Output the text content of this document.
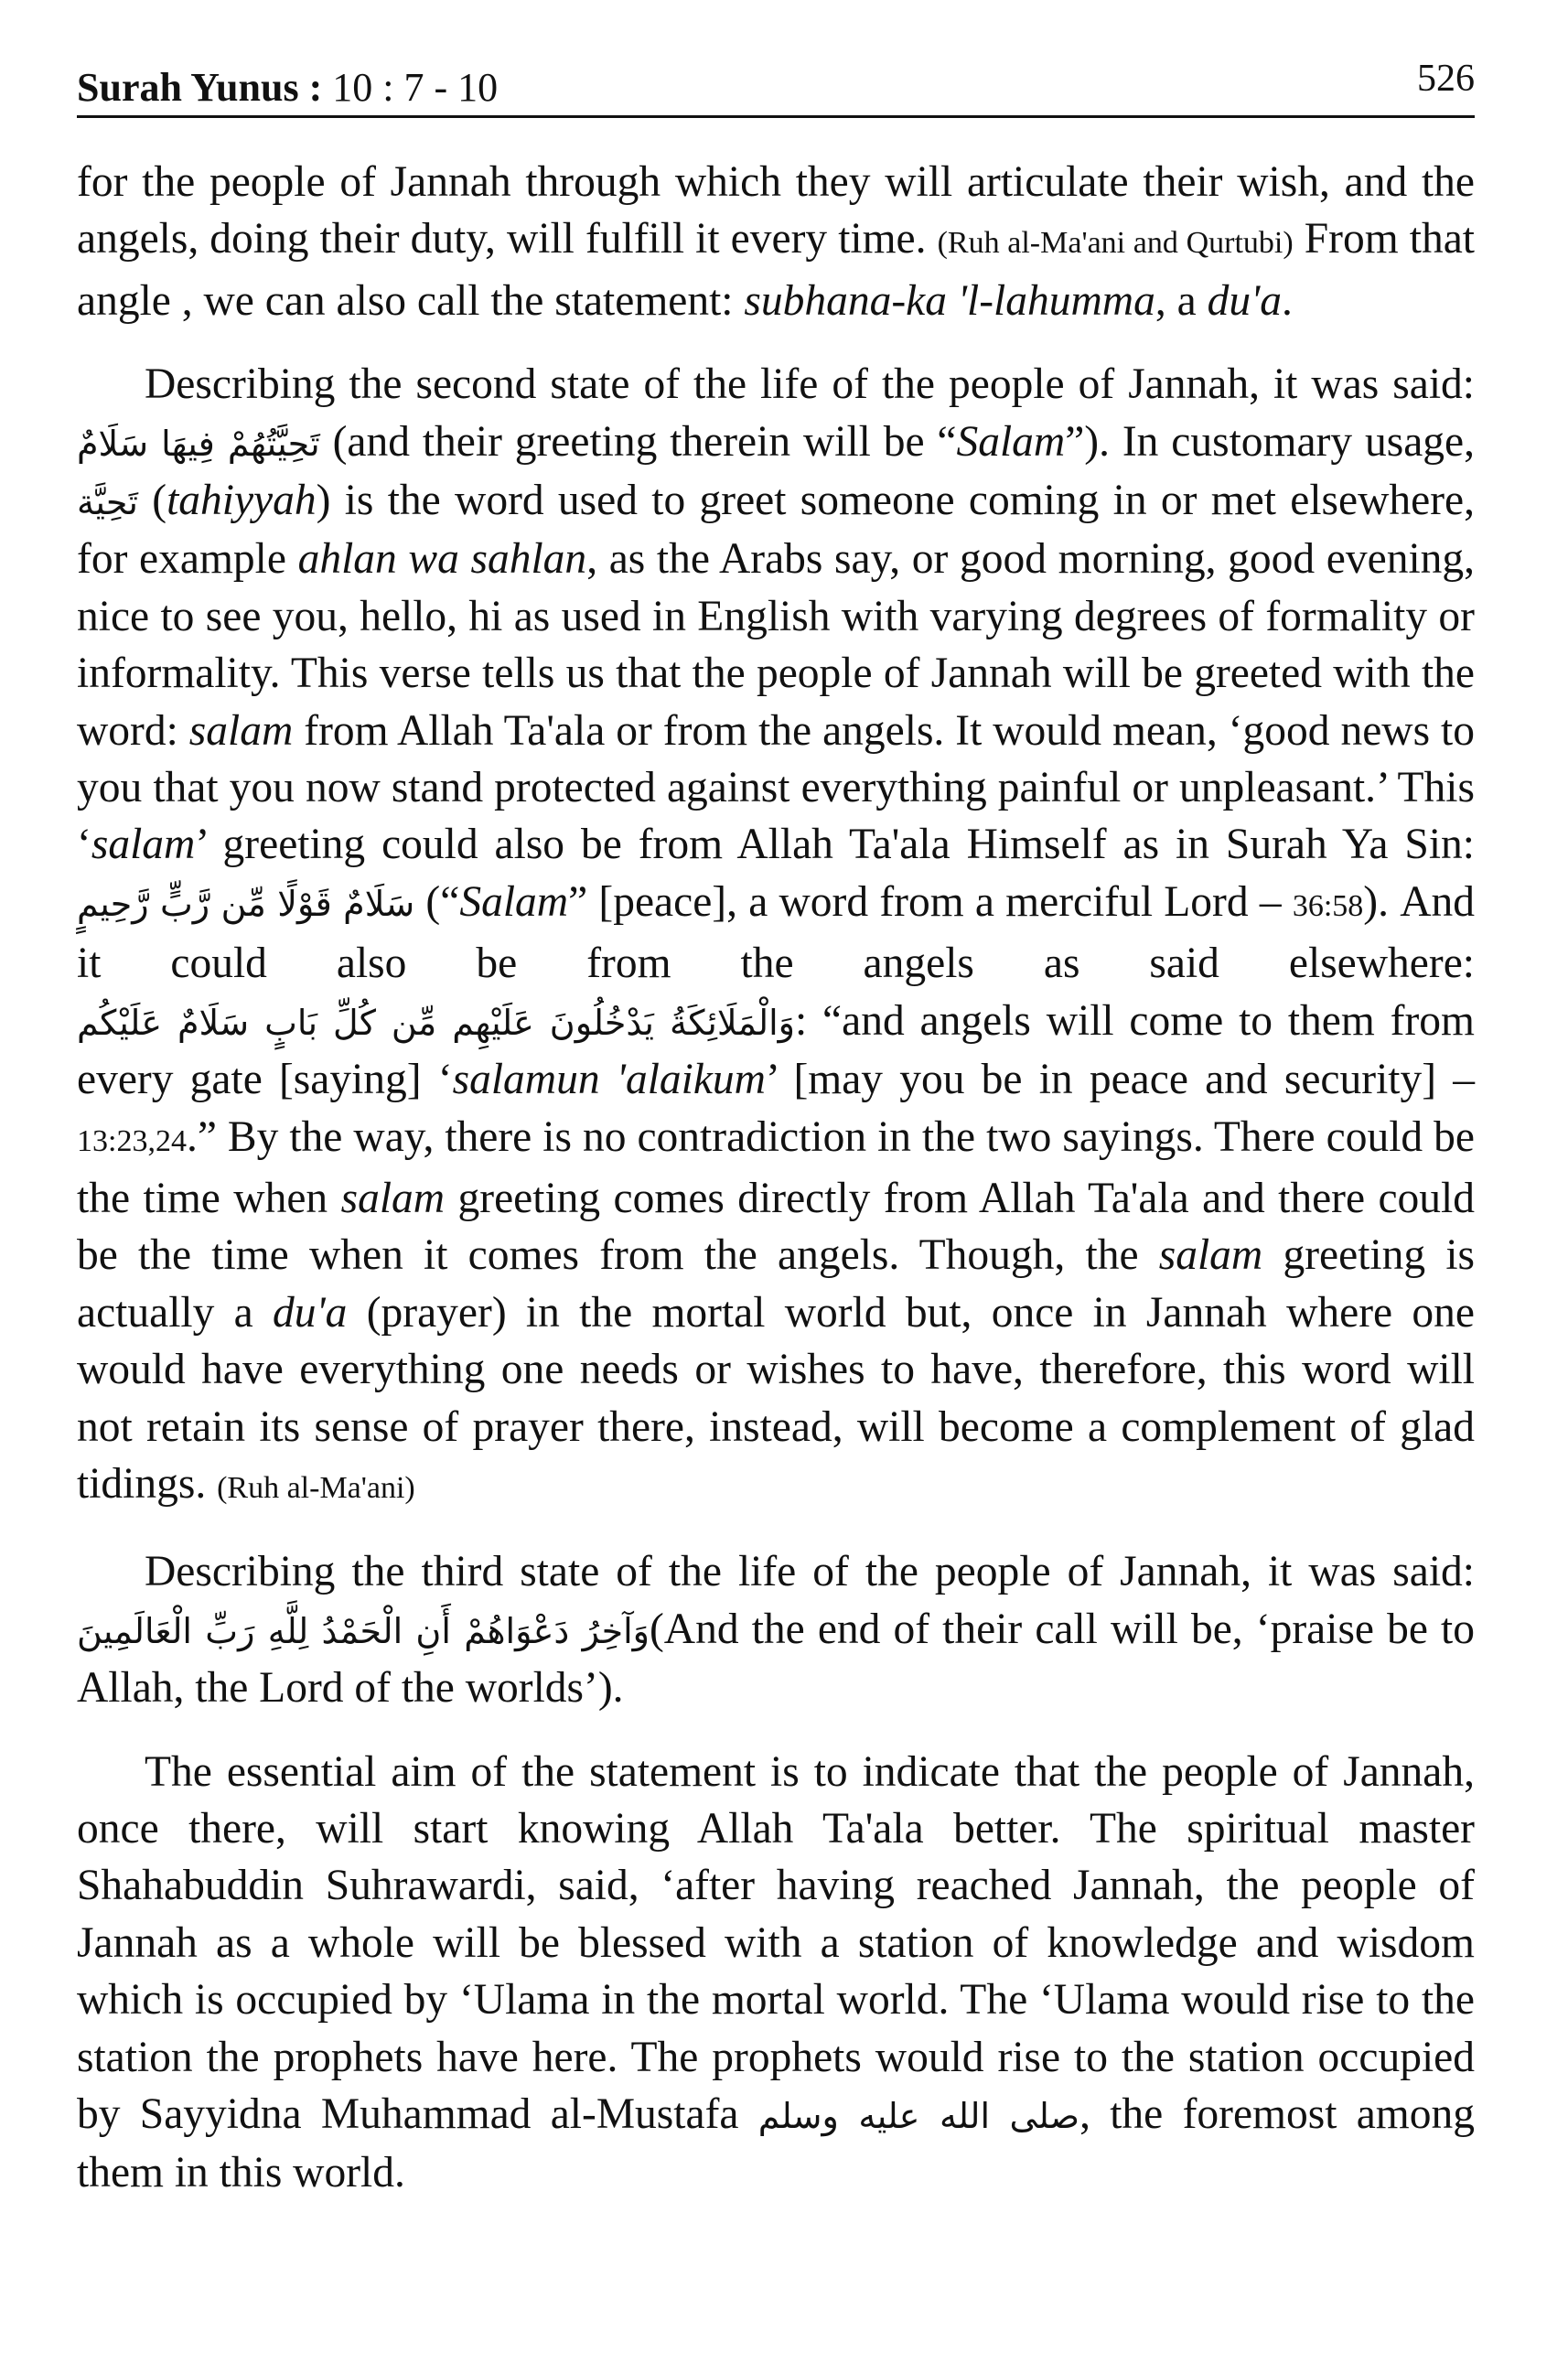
Surah Yunus : 10 : 7 - 10	526

for the people of Jannah through which they will articulate their wish, and the angels, doing their duty, will fulfill it every time. (Ruh al-Ma'ani and Qurtubi) From that angle , we can also call the statement: subhana-ka 'l-lahumma, a du'a.

Describing the second state of the life of the people of Jannah, it was said: تَحِيَّتُهُمْ فِيهَا سَلَامٌ (and their greeting therein will be “Salam”). In customary usage, تَحِيَّة (tahiyyah) is the word used to greet someone coming in or met elsewhere, for example ahlan wa sahlan, as the Arabs say, or good morning, good evening, nice to see you, hello, hi as used in English with varying degrees of formality or informality. This verse tells us that the people of Jannah will be greeted with the word: salam from Allah Ta'ala or from the angels. It would mean, ‘good news to you that you now stand protected against everything painful or unpleasant.’ This ‘salam’ greeting could also be from Allah Ta'ala Himself as in Surah Ya Sin: سَلَامٌ قَوْلًا مِّن رَّبٍّ رَّحِيمٍ (“Salam” [peace], a word from a merciful Lord – 36:58). And it could also be from the angels as said elsewhere: وَالْمَلَائِكَةُ يَدْخُلُونَ عَلَيْهِم مِّن كُلِّ بَابٍ سَلَامٌ عَلَيْكُم: “and angels will come to them from every gate [saying] ‘salamun 'alaikum’ [may you be in peace and security] – 13:23,24.” By the way, there is no contradiction in the two sayings. There could be the time when salam greeting comes directly from Allah Ta'ala and there could be the time when it comes from the angels. Though, the salam greeting is actually a du'a (prayer) in the mortal world but, once in Jannah where one would have everything one needs or wishes to have, therefore, this word will not retain its sense of prayer there, instead, will become a complement of glad tidings. (Ruh al-Ma'ani)

Describing the third state of the life of the people of Jannah, it was said: وَآخِرُ دَعْوَاهُمْ أَنِ الْحَمْدُ لِلَّهِ رَبِّ الْعَالَمِينَ(And the end of their call will be, ‘praise be to Allah, the Lord of the worlds’).

The essential aim of the statement is to indicate that the people of Jannah, once there, will start knowing Allah Ta'ala better. The spiritual master Shahabuddin Suhrawardi, said, ‘after having reached Jannah, the people of Jannah as a whole will be blessed with a station of knowledge and wisdom which is occupied by ‘Ulama in the mortal world. The ‘Ulama would rise to the station the prophets have here. The prophets would rise to the station occupied by Sayyidna Muhammad al-Mustafa صلى الله عليه وسلم, the foremost among them in this world.
